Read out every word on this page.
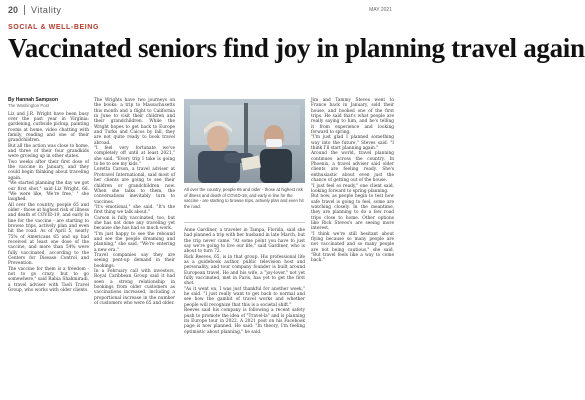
20 Vitality	MAY 2021
SOCIAL & WELL-BEING
Vaccinated seniors find joy in planning travel again
By Hannah Sampson
The Washington Post

Liz and J.R. Wright have been busy over the past year in Virginia: gardening, curbside pickup, painting rooms at home, video chatting with family, reading and one of their grandchildren.

But all the action was close to home, and three of their four grandkids were growing up in other states.

Two weeks after their first dose of the vaccine in January, and they could begin thinking about traveling again.

"We started planning the day we got our first shot," said Liz Wright, 66. "We were like, 'We're free,' " she laughed.

All over the country, people 65 and older - those at highest risk of illness and death of COVID-19, and early in line for the vaccine - are starting to browse trips, actively plan and even hit the road. As of April 5, nearly 75% of Americans 65 and up had received at least one dose of the vaccine, and more than 54% were fully vaccinated, according to the Centers for Disease Control and Prevention.

The vaccine for them is a freedom - not to go crazy, but to go somewhere," said Rabia Shahmiradi, a travel adviser with Taoli Travel Group, who works with older clients.

The Wrights have two journeys on the books: a trip to Massachusetts this month and a flight to California in June to visit their children and their grandchildren. While the Wright hopes to get back to Europe and Turks and Caicos by fall, they are not quite ready to book travel abroad.

"I feel very fortunate we've completely off until at least 2021," she said. "Every trip I take is going to be to see my kids."

Loretta Carson, a travel adviser at Protravel International, said most of her clients are going to see their children or grandchildren now. When she talks to them, the conversations inevitably turn to vaccines.

"It's emotional," she said. "It's the first thing we talk about."

Carson is fully vaccinated, too, but she has not done any traveling yet because she has had so much work.

"I'm just happy to see the rebound and see the people dreaming and planning," she said. "We're entering a new era."

Travel companies say they are seeing pent-up demand in their bookings.

In a February call with investors, Royal Caribbean Group said it had seen a strong relationship in bookings from older customers as vaccinations increased, including a proportional increase in the number of customers who were 65 and older.

All over the country, people 65 and older - those at highest risk of illness and death of COVID-19, and early in line for the vaccine - are starting to browse trips, actively plan and even hit the road.

Anne Gardiner, a traveler in Tampa, Florida, said she had planned a trip with her husband in late March, but the trip never came. "At some point you have to just say we're going to live our life," said Gardiner, who is about to turn 72.

Rick Reeves, 65, is in that group. His professional life as a guidebook author, public television host and personality, and tour company founder is built around European travel. He and his wife, a "joy-lover," not yet fully vaccinated, met in Paris, has yet to get the first shot.

"As it went on, I was just thankful for another week," he said. "I just really want to get back to normal and see how the gambit of travel works and whether people will recognize that this is a societal shift."

Reeves said his company is following a recent safety push to promote the idea of "Travel-la" and is planning its Europe tour in 2022. A 2021 post on his Facebook page is now planned. He said: "In theory, I'm feeling optimistic about planning," he said.

Jim and Tammy Steves went to France back in January, sold their house, and booked one of the first trips. He said that's what people are really saying to him, and he's telling it from experience and looking forward to spring.

"I'm just glad I planned something way into the future," Steves said. "I think I'll start planning again."

Around the world, travel planning continues across the country. In Phoenix, a travel adviser said older clients are feeling ready. She's enthusiastic about even just the chance of getting out of the house.

"I just feel so ready," one client said, looking forward to spring planning.

But now, as people begin to test how safe travel is going to feel, some are watching closely. In the meantime, they are planning to do a few road trips close to home. Other options like Rick Steves's are seeing more interest.

"I think we're still hesitant about flying because so many people are not vaccinated and so many people are not being cautious," she said. "But travel feels like a way to come back."
